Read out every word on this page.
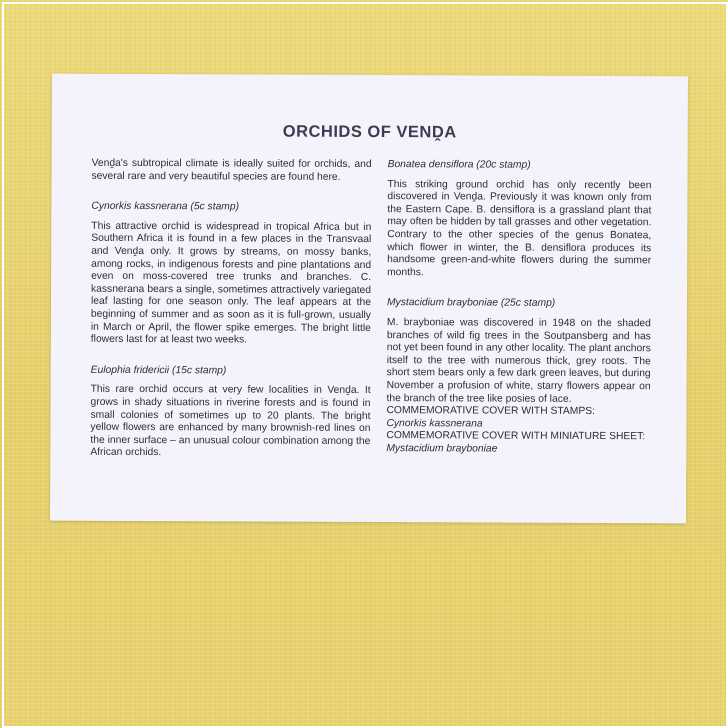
ORCHIDS OF VENḒA

Venḓa's subtropical climate is ideally suited for orchids, and several rare and very beautiful species are found here.

Cynorkis kassnerana (5c stamp)

This attractive orchid is widespread in tropical Africa but in Southern Africa it is found in a few places in the Transvaal and Venḓa only. It grows by streams, on mossy banks, among rocks, in indigenous forests and pine plantations and even on moss-covered tree trunks and branches. C. kassnerana bears a single, sometimes attractively variegated leaf lasting for one season only. The leaf appears at the beginning of summer and as soon as it is full-grown, usually in March or April, the flower spike emerges. The bright little flowers last for at least two weeks.

Eulophia fridericii (15c stamp)

This rare orchid occurs at very few localities in Venḓa. It grows in shady situations in riverine forests and is found in small colonies of sometimes up to 20 plants. The bright yellow flowers are enhanced by many brownish-red lines on the inner surface – an unusual colour combination among the African orchids.

Bonatea densiflora (20c stamp)

This striking ground orchid has only recently been discovered in Venḓa. Previously it was known only from the Eastern Cape. B. densiflora is a grassland plant that may often be hidden by tall grasses and other vegetation. Contrary to the other species of the genus Bonatea, which flower in winter, the B. densiflora produces its handsome green-and-white flowers during the summer months.

Mystacidium brayboniae (25c stamp)

M. brayboniae was discovered in 1948 on the shaded branches of wild fig trees in the Soutpansberg and has not yet been found in any other locality. The plant anchors itself to the tree with numerous thick, grey roots. The short stem bears only a few dark green leaves, but during November a profusion of white, starry flowers appear on the branch of the tree like posies of lace.

COMMEMORATIVE COVER WITH STAMPS:

Cynorkis kassnerana

COMMEMORATIVE COVER WITH MINIATURE SHEET:

Mystacidium brayboniae
